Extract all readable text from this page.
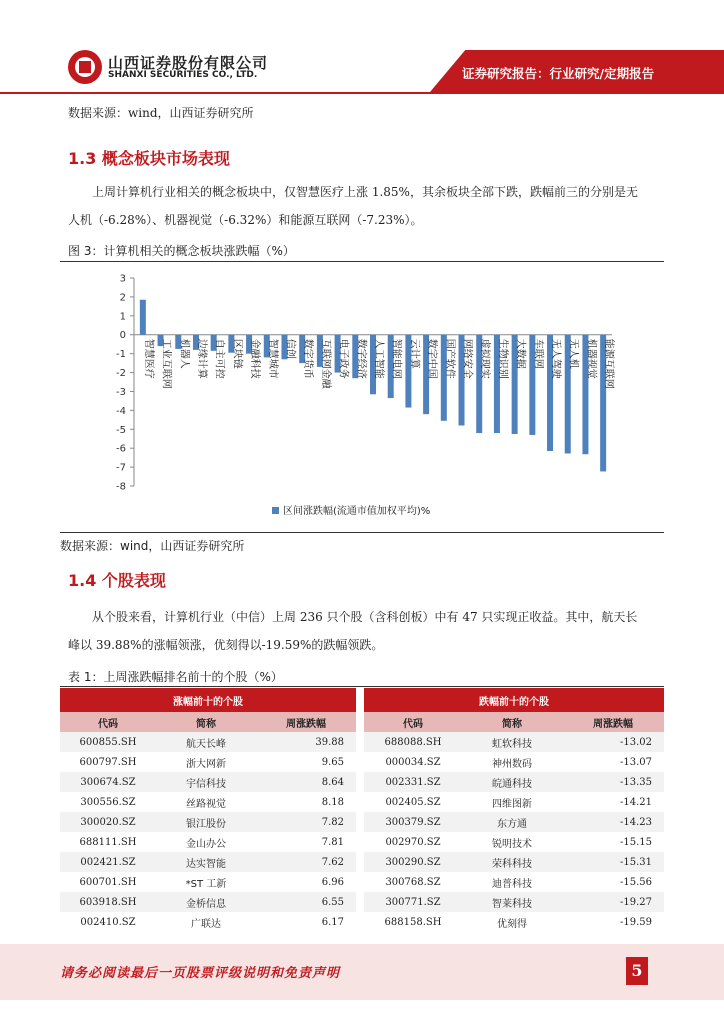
山西证券股份有限公司
SHANXI SECURITIES CO., LTD.	证券研究报告：行业研究/定期报告
数据来源：wind，山西证券研究所
1.3 概念板块市场表现
上周计算机行业相关的概念板块中，仅智慧医疗上涨 1.85%，其余板块全部下跌，跌幅前三的分别是无
人机（-6.28%）、机器视觉（-6.32%）和能源互联网（-7.23%）。
图 3：计算机相关的概念板块涨跌幅（%）
3
2
1
0
-1
-2
-3
-4
-5
-6
-7
-8
智慧医疗 工业互联网 机器人 边缘计算 自主可控 区块链 金融科技 智慧城市 信创 数字货币 互联网金融 电子政务 数字经济 人工智能 智能电网 云计算 数字中国 国产软件 网络安全 虚拟现实 生物识别 大数据 车联网 无人驾驶 无人机 机器视觉 能源互联网
区间涨跌幅(流通市值加权平均)%
数据来源：wind，山西证券研究所
1.4 个股表现
从个股来看，计算机行业（中信）上周 236 只个股（含科创板）中有 47 只实现正收益。其中，航天长
峰以 39.88%的涨幅领涨，优刻得以-19.59%的跌幅领跌。
表 1：上周涨跌幅排名前十的个股（%）
涨幅前十的个股				跌幅前十的个股		
代码	简称	周涨跌幅		代码	简称	周涨跌幅
600855.SH	航天长峰	39.88		688088.SH	虹软科技	-13.02
600797.SH	浙大网新	9.65		000034.SZ	神州数码	-13.07
300674.SZ	宇信科技	8.64		002331.SZ	皖通科技	-13.35
300556.SZ	丝路视觉	8.18		002405.SZ	四维图新	-14.21
300020.SZ	银江股份	7.82		300379.SZ	东方通	-14.23
688111.SH	金山办公	7.81		002970.SZ	锐明技术	-15.15
002421.SZ	达实智能	7.62		300290.SZ	荣科科技	-15.31
600701.SH	*ST 工新	6.96		300768.SZ	迪普科技	-15.56
603918.SH	金桥信息	6.55		300771.SZ	智莱科技	-19.27
002410.SZ	广联达	6.17		688158.SH	优刻得	-19.59
请务必阅读最后一页股票评级说明和免责声明	5
